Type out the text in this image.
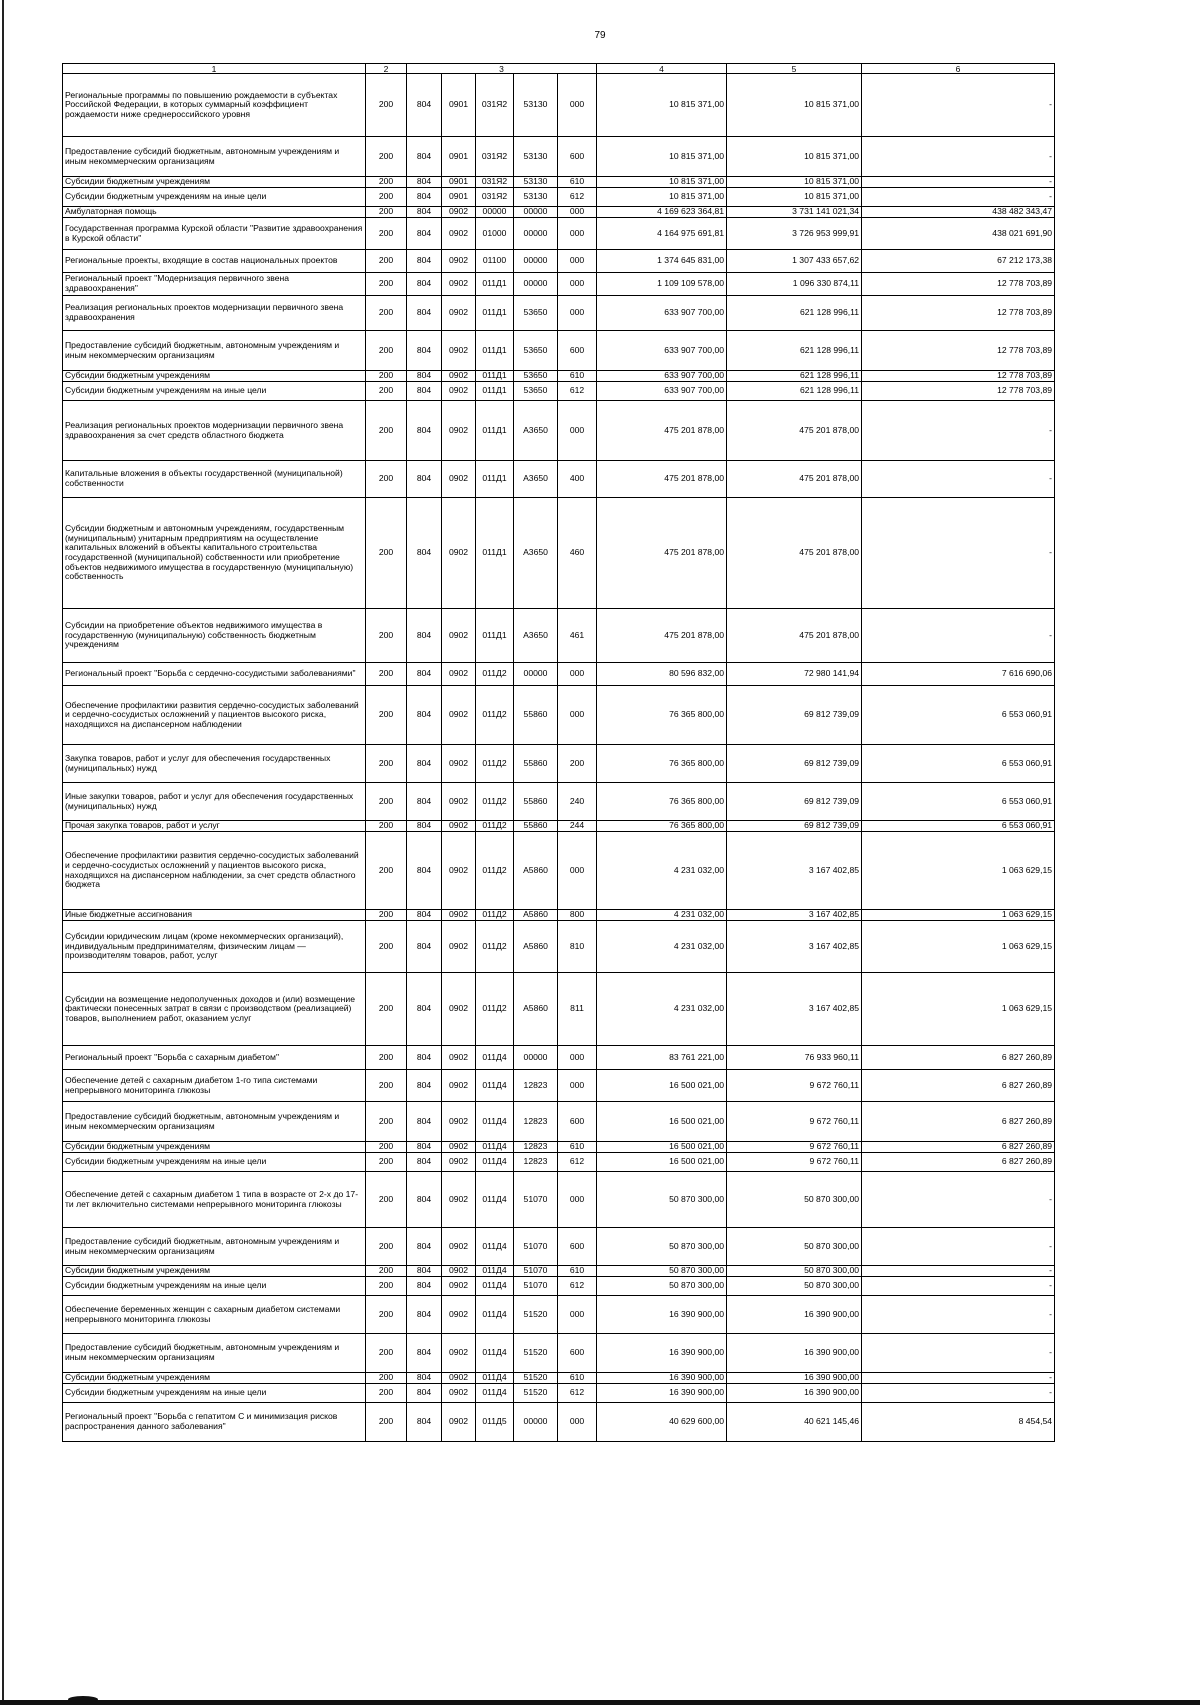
79
1	2	3					4	5	6
Региональные программы по повышению рождаемости в субъектах Российской Федерации, в которых суммарный коэффициент рождаемости ниже среднероссийского уровня	200	804	0901	031Я2	53130	000	10 815 371,00	10 815 371,00	-
Предоставление субсидий бюджетным, автономным учреждениям и иным некоммерческим организациям	200	804	0901	031Я2	53130	600	10 815 371,00	10 815 371,00	-
Субсидии бюджетным учреждениям	200	804	0901	031Я2	53130	610	10 815 371,00	10 815 371,00	-
Субсидии бюджетным учреждениям на иные цели	200	804	0901	031Я2	53130	612	10 815 371,00	10 815 371,00	-
Амбулаторная помощь	200	804	0902	00000	00000	000	4 169 623 364,81	3 731 141 021,34	438 482 343,47
Государственная программа Курской области "Развитие здравоохранения в Курской области"	200	804	0902	01000	00000	000	4 164 975 691,81	3 726 953 999,91	438 021 691,90
Региональные проекты, входящие в состав национальных проектов	200	804	0902	01100	00000	000	1 374 645 831,00	1 307 433 657,62	67 212 173,38
Региональный проект "Модернизация первичного звена здравоохранения"	200	804	0902	011Д1	00000	000	1 109 109 578,00	1 096 330 874,11	12 778 703,89
Реализация региональных проектов модернизации первичного звена здравоохранения	200	804	0902	011Д1	53650	000	633 907 700,00	621 128 996,11	12 778 703,89
Предоставление субсидий бюджетным, автономным учреждениям и иным некоммерческим организациям	200	804	0902	011Д1	53650	600	633 907 700,00	621 128 996,11	12 778 703,89
Субсидии бюджетным учреждениям	200	804	0902	011Д1	53650	610	633 907 700,00	621 128 996,11	12 778 703,89
Субсидии бюджетным учреждениям на иные цели	200	804	0902	011Д1	53650	612	633 907 700,00	621 128 996,11	12 778 703,89
Реализация региональных проектов модернизации первичного звена здравоохранения за счет средств областного бюджета	200	804	0902	011Д1	А3650	000	475 201 878,00	475 201 878,00	-
Капитальные вложения в объекты государственной (муниципальной) собственности	200	804	0902	011Д1	А3650	400	475 201 878,00	475 201 878,00	-
Субсидии бюджетным и автономным учреждениям, государственным (муниципальным) унитарным предприятиям на осуществление капитальных вложений в объекты капитального строительства государственной (муниципальной) собственности или приобретение объектов недвижимого имущества в государственную (муниципальную) собственность	200	804	0902	011Д1	А3650	460	475 201 878,00	475 201 878,00	-
Субсидии на приобретение объектов недвижимого имущества в государственную (муниципальную) собственность бюджетным учреждениям	200	804	0902	011Д1	А3650	461	475 201 878,00	475 201 878,00	-
Региональный проект "Борьба с сердечно-сосудистыми заболеваниями"	200	804	0902	011Д2	00000	000	80 596 832,00	72 980 141,94	7 616 690,06
Обеспечение профилактики развития сердечно-сосудистых заболеваний и сердечно-сосудистых осложнений у пациентов высокого риска, находящихся на диспансерном наблюдении	200	804	0902	011Д2	55860	000	76 365 800,00	69 812 739,09	6 553 060,91
Закупка товаров, работ и услуг для обеспечения государственных (муниципальных) нужд	200	804	0902	011Д2	55860	200	76 365 800,00	69 812 739,09	6 553 060,91
Иные закупки товаров, работ и услуг для обеспечения государственных (муниципальных) нужд	200	804	0902	011Д2	55860	240	76 365 800,00	69 812 739,09	6 553 060,91
Прочая закупка товаров, работ и услуг	200	804	0902	011Д2	55860	244	76 365 800,00	69 812 739,09	6 553 060,91
Обеспечение профилактики развития сердечно-сосудистых заболеваний и сердечно-сосудистых осложнений у пациентов высокого риска, находящихся на диспансерном наблюдении, за счет средств областного бюджета	200	804	0902	011Д2	А5860	000	4 231 032,00	3 167 402,85	1 063 629,15
Иные бюджетные ассигнования	200	804	0902	011Д2	А5860	800	4 231 032,00	3 167 402,85	1 063 629,15
Субсидии юридическим лицам (кроме некоммерческих организаций), индивидуальным предпринимателям, физическим лицам — производителям товаров, работ, услуг	200	804	0902	011Д2	А5860	810	4 231 032,00	3 167 402,85	1 063 629,15
Субсидии на возмещение недополученных доходов и (или) возмещение фактически понесенных затрат в связи с производством (реализацией) товаров, выполнением работ, оказанием услуг	200	804	0902	011Д2	А5860	811	4 231 032,00	3 167 402,85	1 063 629,15
Региональный проект "Борьба с сахарным диабетом"	200	804	0902	011Д4	00000	000	83 761 221,00	76 933 960,11	6 827 260,89
Обеспечение детей с сахарным диабетом 1-го типа системами непрерывного мониторинга глюкозы	200	804	0902	011Д4	12823	000	16 500 021,00	9 672 760,11	6 827 260,89
Предоставление субсидий бюджетным, автономным учреждениям и иным некоммерческим организациям	200	804	0902	011Д4	12823	600	16 500 021,00	9 672 760,11	6 827 260,89
Субсидии бюджетным учреждениям	200	804	0902	011Д4	12823	610	16 500 021,00	9 672 760,11	6 827 260,89
Субсидии бюджетным учреждениям на иные цели	200	804	0902	011Д4	12823	612	16 500 021,00	9 672 760,11	6 827 260,89
Обеспечение детей с сахарным диабетом 1 типа в возрасте от 2-х до 17-ти лет включительно системами непрерывного мониторинга глюкозы	200	804	0902	011Д4	51070	000	50 870 300,00	50 870 300,00	-
Предоставление субсидий бюджетным, автономным учреждениям и иным некоммерческим организациям	200	804	0902	011Д4	51070	600	50 870 300,00	50 870 300,00	-
Субсидии бюджетным учреждениям	200	804	0902	011Д4	51070	610	50 870 300,00	50 870 300,00	-
Субсидии бюджетным учреждениям на иные цели	200	804	0902	011Д4	51070	612	50 870 300,00	50 870 300,00	-
Обеспечение беременных женщин с сахарным диабетом системами непрерывного мониторинга глюкозы	200	804	0902	011Д4	51520	000	16 390 900,00	16 390 900,00	-
Предоставление субсидий бюджетным, автономным учреждениям и иным некоммерческим организациям	200	804	0902	011Д4	51520	600	16 390 900,00	16 390 900,00	-
Субсидии бюджетным учреждениям	200	804	0902	011Д4	51520	610	16 390 900,00	16 390 900,00	-
Субсидии бюджетным учреждениям на иные цели	200	804	0902	011Д4	51520	612	16 390 900,00	16 390 900,00	-
Региональный проект "Борьба с гепатитом С и минимизация рисков распространения данного заболевания"	200	804	0902	011Д5	00000	000	40 629 600,00	40 621 145,46	8 454,54
